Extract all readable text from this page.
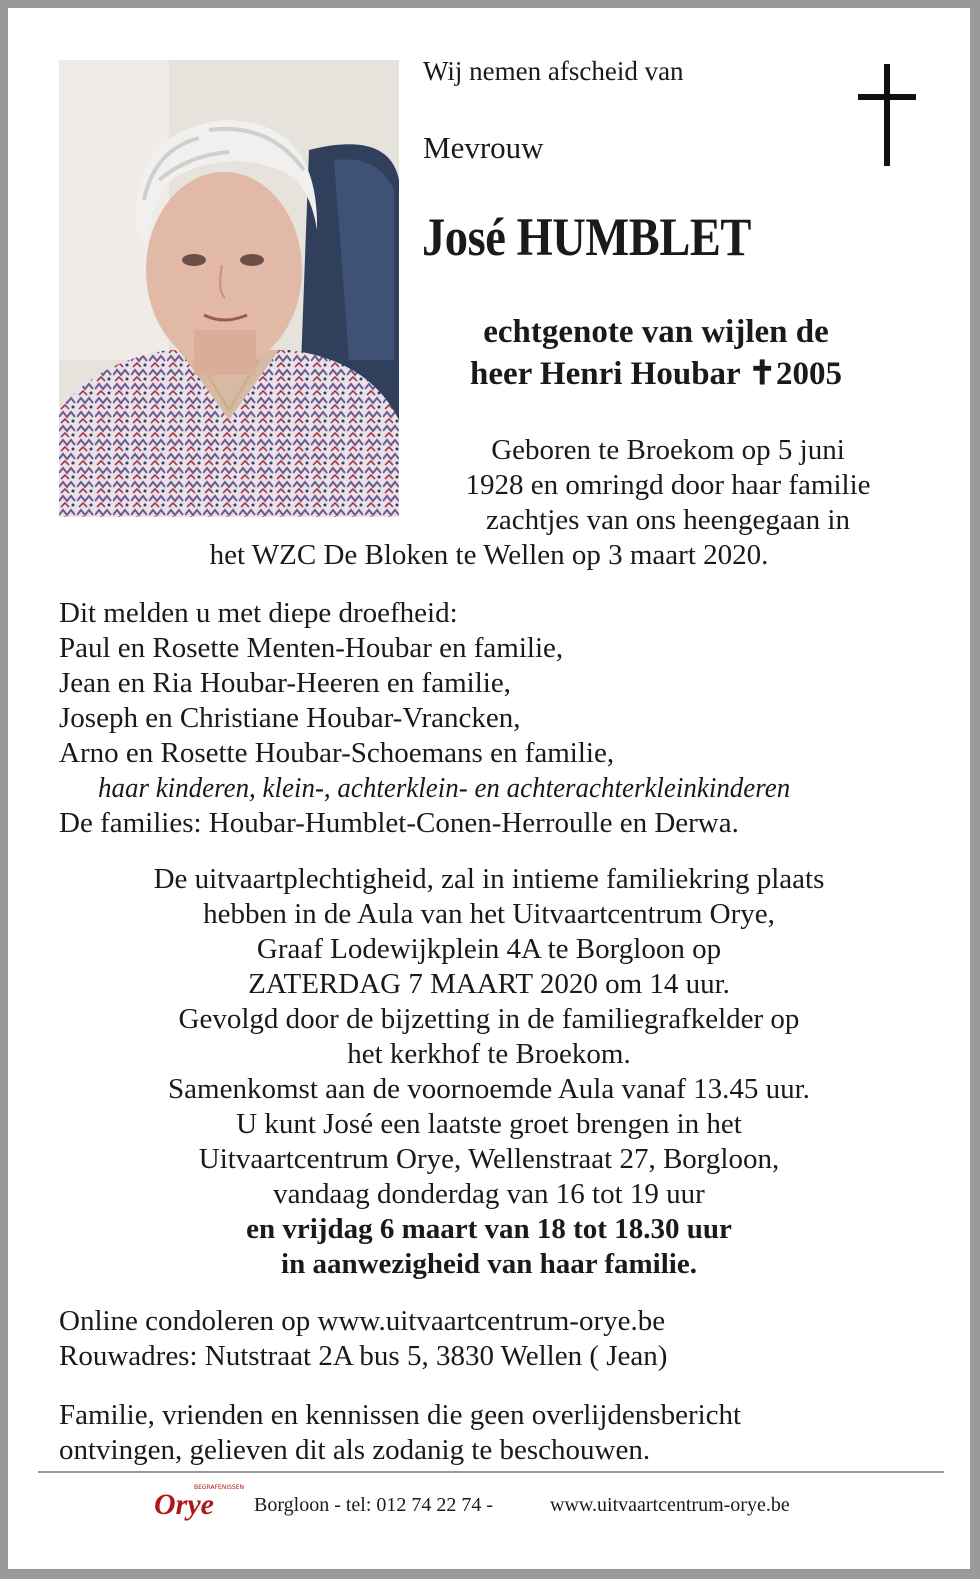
Wij nemen afscheid van
Mevrouw
José HUMBLET
echtgenote van wijlen de
heer Henri Houbar ✝2005
Geboren te Broekom op 5 juni
1928 en omringd door haar familie
zachtjes van ons heengegaan in
het WZC De Bloken te Wellen op 3 maart 2020.
Dit melden u met diepe droefheid:
Paul en Rosette Menten-Houbar en familie,
Jean en Ria Houbar-Heeren en familie,
Joseph en Christiane Houbar-Vrancken,
Arno en Rosette Houbar-Schoemans en familie,
haar kinderen, klein-, achterklein- en achterachterkleinkinderen
De families: Houbar-Humblet-Conen-Herroulle en Derwa.
De uitvaartplechtigheid, zal in intieme familiekring plaats
hebben in de Aula van het Uitvaartcentrum Orye,
Graaf Lodewijkplein 4A te Borgloon op
ZATERDAG 7 MAART 2020 om 14 uur.
Gevolgd door de bijzetting in de familiegrafkelder op
het kerkhof te Broekom.
Samenkomst aan de voornoemde Aula vanaf 13.45 uur.
U kunt José een laatste groet brengen in het
Uitvaartcentrum Orye, Wellenstraat 27, Borgloon,
vandaag donderdag van 16 tot 19 uur
en vrijdag 6 maart van 18 tot 18.30 uur
in aanwezigheid van haar familie.
Online condoleren op www.uitvaartcentrum-orye.be
Rouwadres: Nutstraat 2A bus 5, 3830 Wellen ( Jean)
Familie, vrienden en kennissen die geen overlijdensbericht
ontvingen, gelieven dit als zodanig te beschouwen.
BEGRAFENISSEN
Orye Borgloon - tel: 012 74 22 74 -	www.uitvaartcentrum-orye.be
